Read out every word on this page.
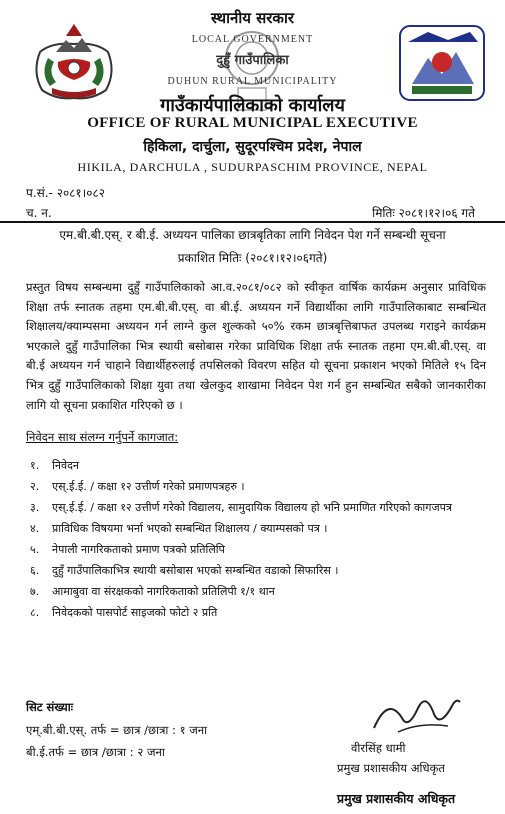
स्थानीय सरकार
LOCAL GOVERNMENT
दुहुँ गाउँपालिका
DUHUN RURAL MUNICIPALITY
गाउँकार्यपालिकाको कार्यालय
OFFICE OF RURAL MUNICIPAL EXECUTIVE
हिकिला, दार्चुला, सुदूरपश्चिम प्रदेश, नेपाल
HIKILA, DARCHULA , SUDURPASCHIM PROVINCE, NEPAL
प.सं.- २०८१।०८२
च. न.	मितिः २०८१।१२।०६ गते
एम.बी.बी.एस्. र बी.ई. अध्ययन पालिका छात्रबृतिका लागि निवेदन पेश गर्ने सम्बन्धी सूचना
प्रकाशित मितिः (२०८१।१२।०६गते)
प्रस्तुत विषय सम्बन्धमा दुहुँ गाउँपालिकाको आ.व.२०८१/०८२ को स्वीकृत वार्षिक कार्यक्रम अनुसार प्राविधिक शिक्षा तर्फ स्नातक तहमा एम.बी.बी.एस्. वा बी.ई. अध्ययन गर्ने विद्यार्थीका लागि गाउँपालिकाबाट सम्बन्धित शिक्षालय/क्याम्पसमा अध्ययन गर्न लाग्ने कुल शुल्कको ५०% रकम छात्रबृत्तिबाफत उपलब्ध गराइने कार्यक्रम भएकाले दुहुँ गाउँपालिका भित्र स्थायी बसोबास गरेका प्राविधिक शिक्षा तर्फ स्नातक तहमा एम.बी.बी.एस्. वा बी.ई अध्ययन गर्न चाहाने विद्यार्थीहरुलाई तपसिलको विवरण सहित यो सूचना प्रकाशन भएको मितिले १५ दिन भित्र दुहुँ गाउँपालिकाको शिक्षा युवा तथा खेलकुद शाखामा निवेदन पेश गर्न हुन सम्बन्धित सबैको जानकारीका लागि यो सूचना प्रकाशित गरिएको छ ।
निवेदन साथ संलग्न गर्नुपर्ने कागजात:
१. निवेदन
२. एस्.ई.ई. / कक्षा १२ उत्तीर्ण गरेको प्रमाणपत्रहरु ।
३. एस्.ई.ई. / कक्षा १२ उत्तीर्ण गरेको विद्यालय, सामुदायिक विद्यालय हो भनि प्रमाणित गरिएको कागजपत्र
४. प्राविधिक विषयमा भर्ना भएको सम्बन्धित शिक्षालय / क्याम्पसको पत्र ।
५. नेपाली नागरिकताको प्रमाण पत्रको प्रतिलिपि
६. दुहुँ गाउँपालिकाभित्र स्थायी बसोबास भएको सम्बन्धित वडाको सिफारिस ।
७. आमाबुवा वा संरक्षकको नागरिकताको प्रतिलिपी १/१ थान
८. निवेदकको पासपोर्ट साइजको फोटो २ प्रति
सिट संख्याः
एम्.बी.बी.एस्. तर्फ = छात्र /छात्रा : १ जना
बी.ई.तर्फ = छात्र /छात्रा : २ जना	वीरसिंह धामी
प्रमुख प्रशासकीय अधिकृत
प्रमुख प्रशासकीय अधिकृत
